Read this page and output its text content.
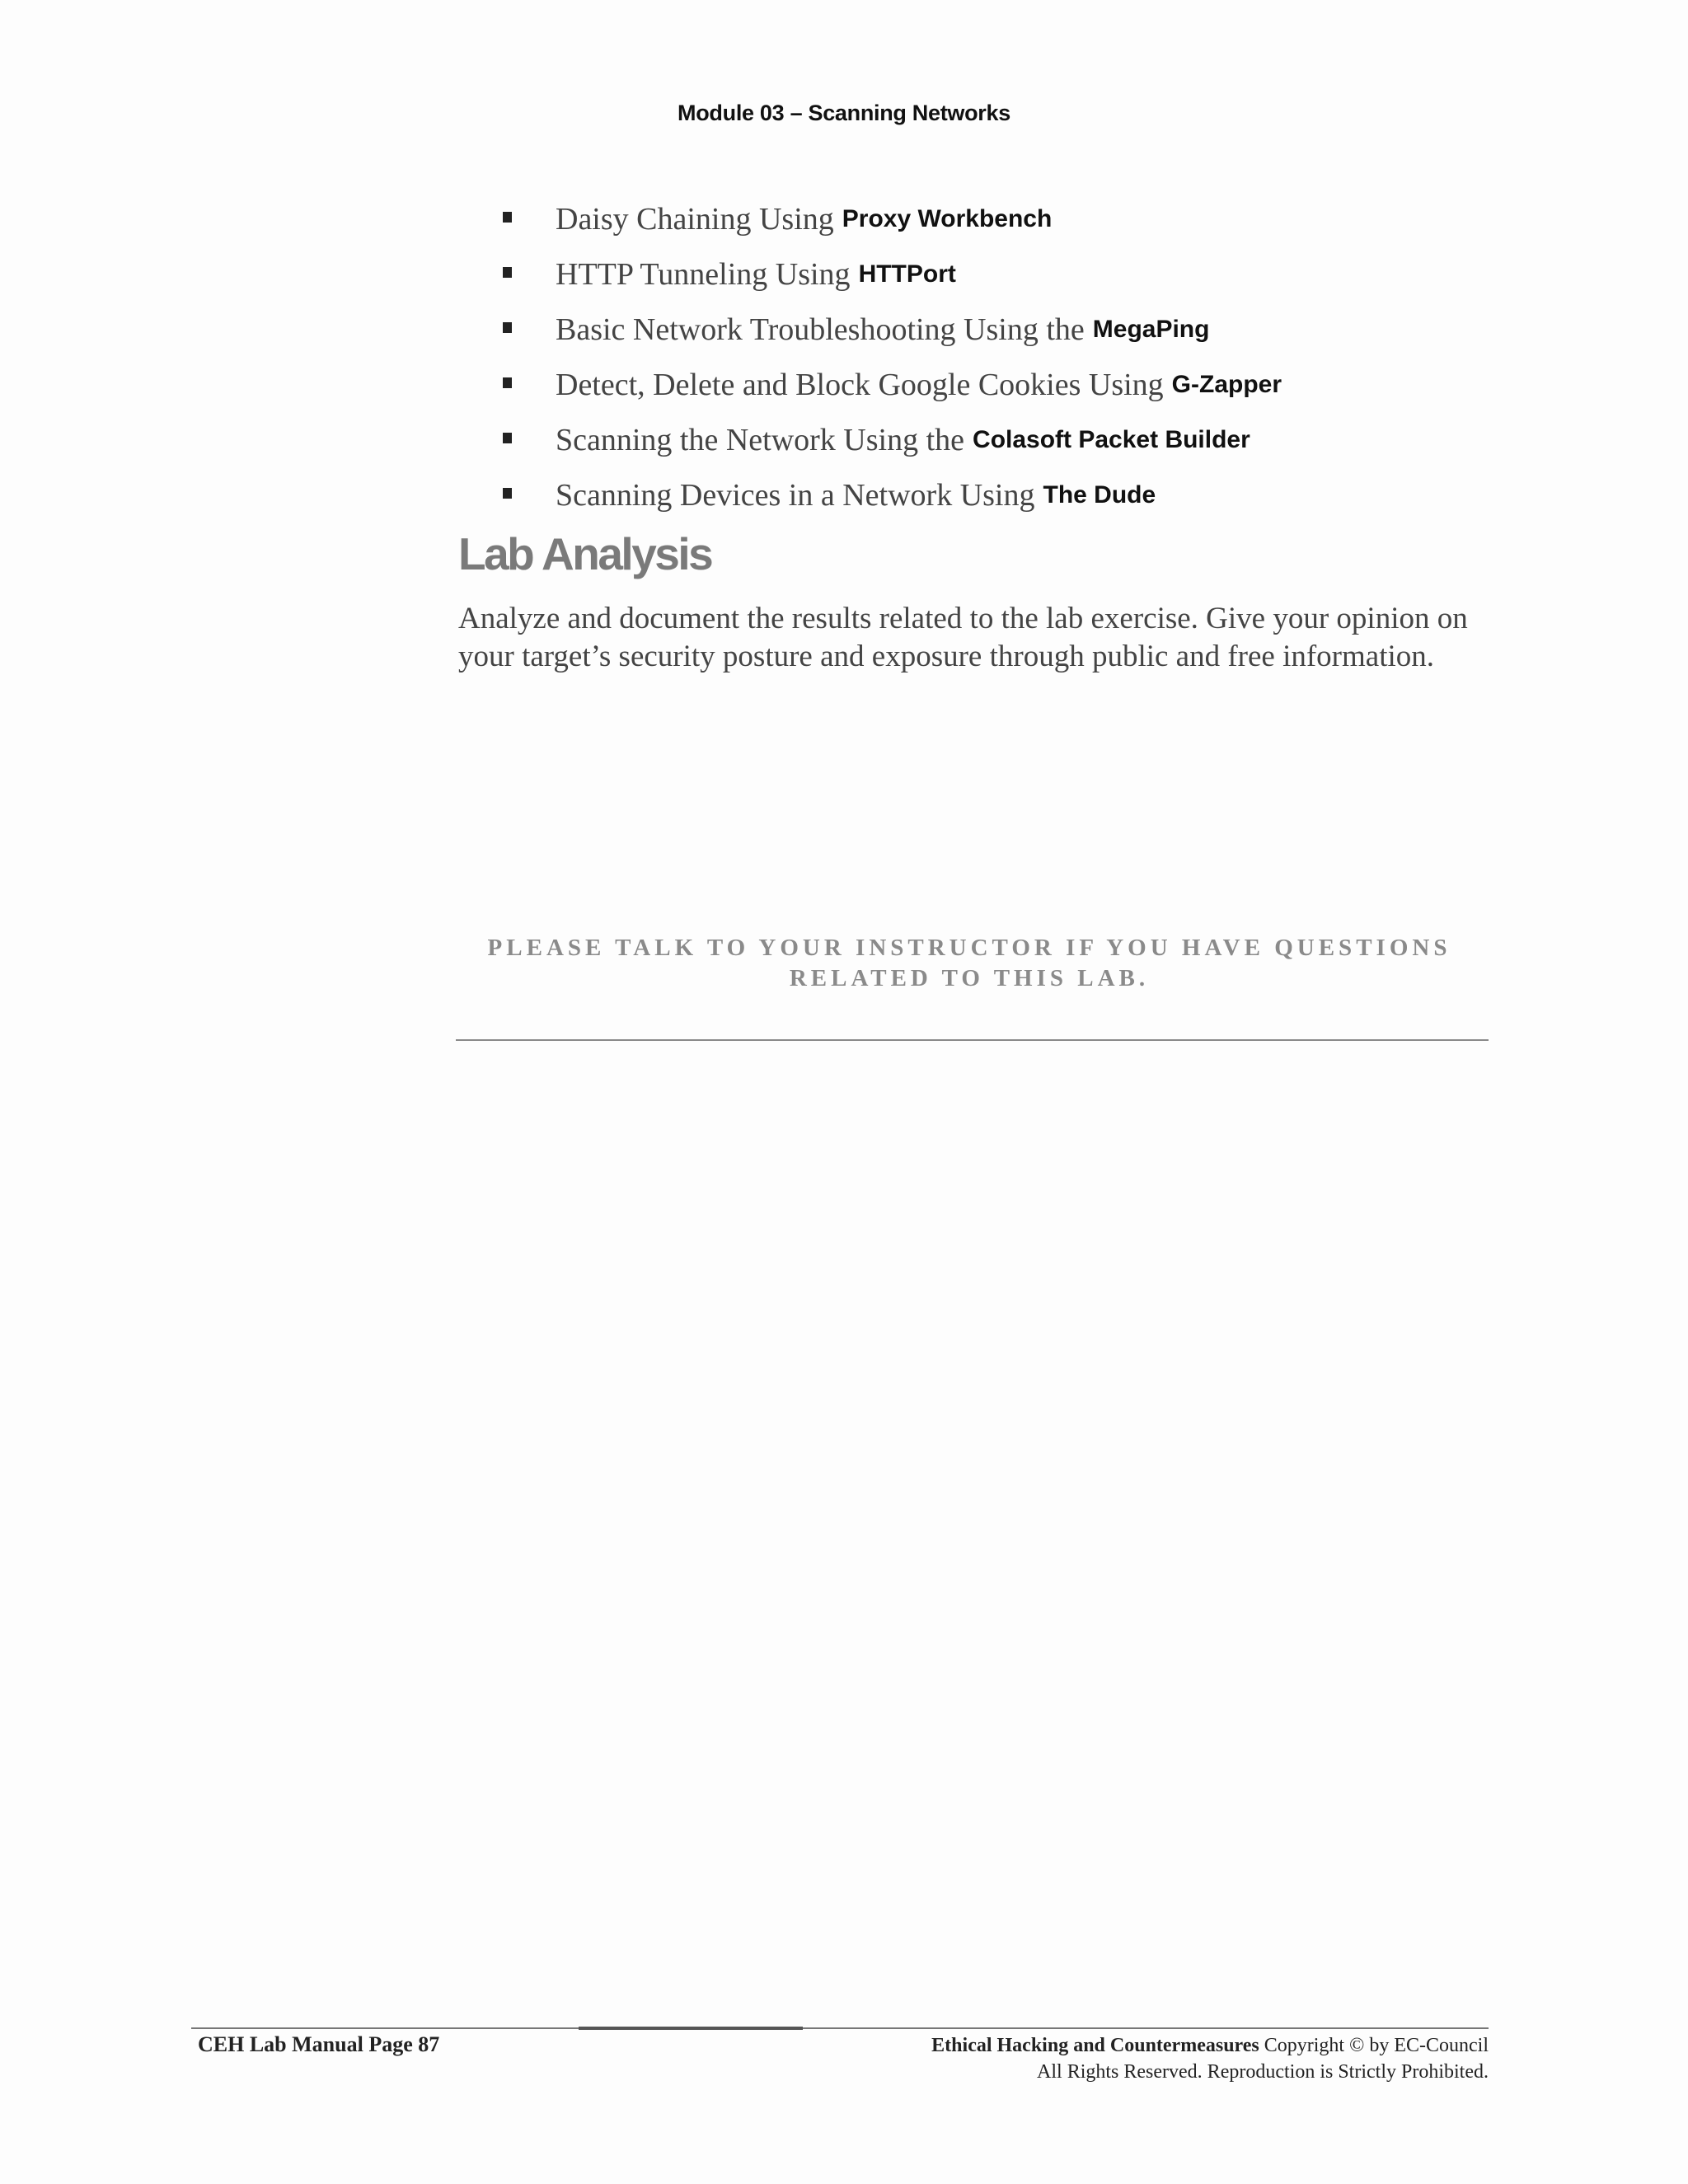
Module 03 – Scanning Networks
Daisy Chaining Using Proxy Workbench
HTTP Tunneling Using HTTPort
Basic Network Troubleshooting Using the MegaPing
Detect, Delete and Block Google Cookies Using G-Zapper
Scanning the Network Using the Colasoft Packet Builder
Scanning Devices in a Network Using The Dude
Lab Analysis

Analyze and document the results related to the lab exercise. Give your opinion on your target’s security posture and exposure through public and free information.

PLEASE TALK TO YOUR INSTRUCTOR IF YOU HAVE QUESTIONS RELATED TO THIS LAB.

CEH Lab Manual Page 87	Ethical Hacking and Countermeasures Copyright © by EC-Council
All Rights Reserved. Reproduction is Strictly Prohibited.
